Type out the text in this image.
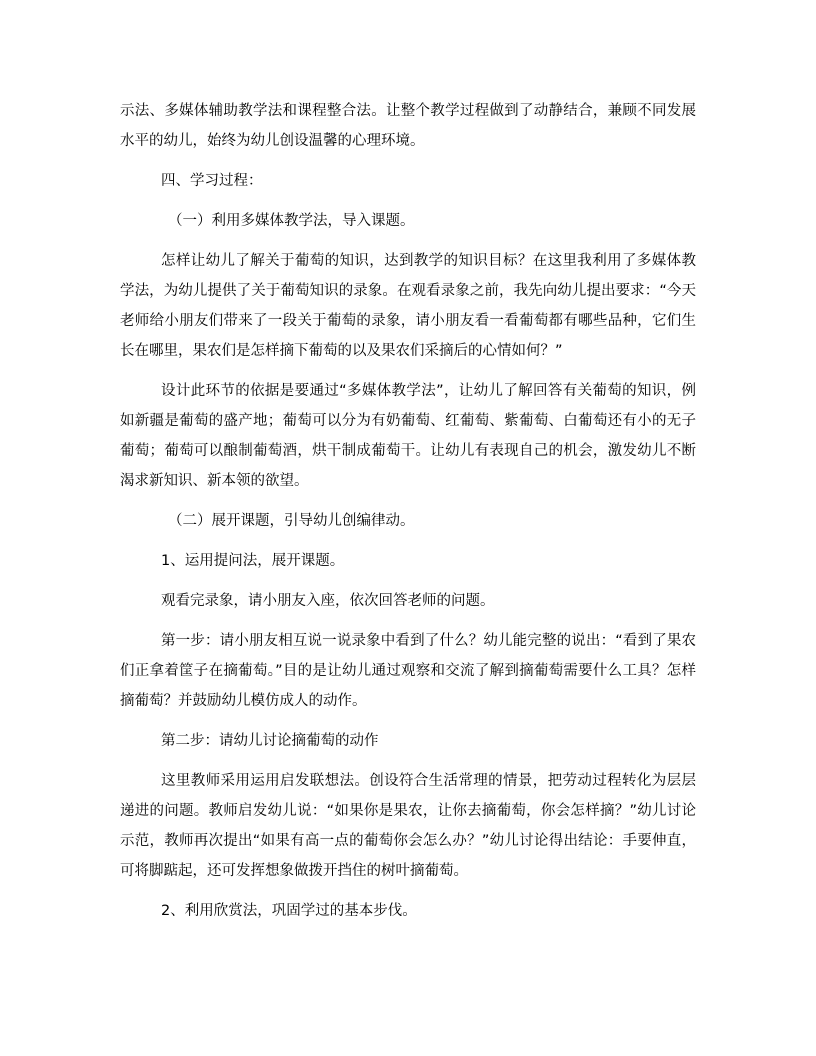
示法、多媒体辅助教学法和课程整合法。让整个教学过程做到了动静结合，兼顾不同发展水平的幼儿，始终为幼儿创设温馨的心理环境。

四、学习过程：

（一）利用多媒体教学法，导入课题。

怎样让幼儿了解关于葡萄的知识，达到教学的知识目标？在这里我利用了多媒体教学法，为幼儿提供了关于葡萄知识的录象。在观看录象之前，我先向幼儿提出要求：“今天老师给小朋友们带来了一段关于葡萄的录象，请小朋友看一看葡萄都有哪些品种，它们生长在哪里，果农们是怎样摘下葡萄的以及果农们采摘后的心情如何？”

设计此环节的依据是要通过“多媒体教学法”，让幼儿了解回答有关葡萄的知识，例如新疆是葡萄的盛产地；葡萄可以分为有奶葡萄、红葡萄、紫葡萄、白葡萄还有小的无子葡萄；葡萄可以酿制葡萄酒，烘干制成葡萄干。让幼儿有表现自己的机会，激发幼儿不断渴求新知识、新本领的欲望。

（二）展开课题，引导幼儿创编律动。

1、运用提问法，展开课题。

观看完录象，请小朋友入座，依次回答老师的问题。

第一步：请小朋友相互说一说录象中看到了什么？幼儿能完整的说出：“看到了果农们正拿着筐子在摘葡萄。”目的是让幼儿通过观察和交流了解到摘葡萄需要什么工具？怎样摘葡萄？并鼓励幼儿模仿成人的动作。

第二步：请幼儿讨论摘葡萄的动作

这里教师采用运用启发联想法。创设符合生活常理的情景，把劳动过程转化为层层递进的问题。教师启发幼儿说：“如果你是果农，让你去摘葡萄，你会怎样摘？”幼儿讨论示范，教师再次提出“如果有高一点的葡萄你会怎么办？”幼儿讨论得出结论：手要伸直，可将脚踮起，还可发挥想象做拨开挡住的树叶摘葡萄。

2、利用欣赏法，巩固学过的基本步伐。
